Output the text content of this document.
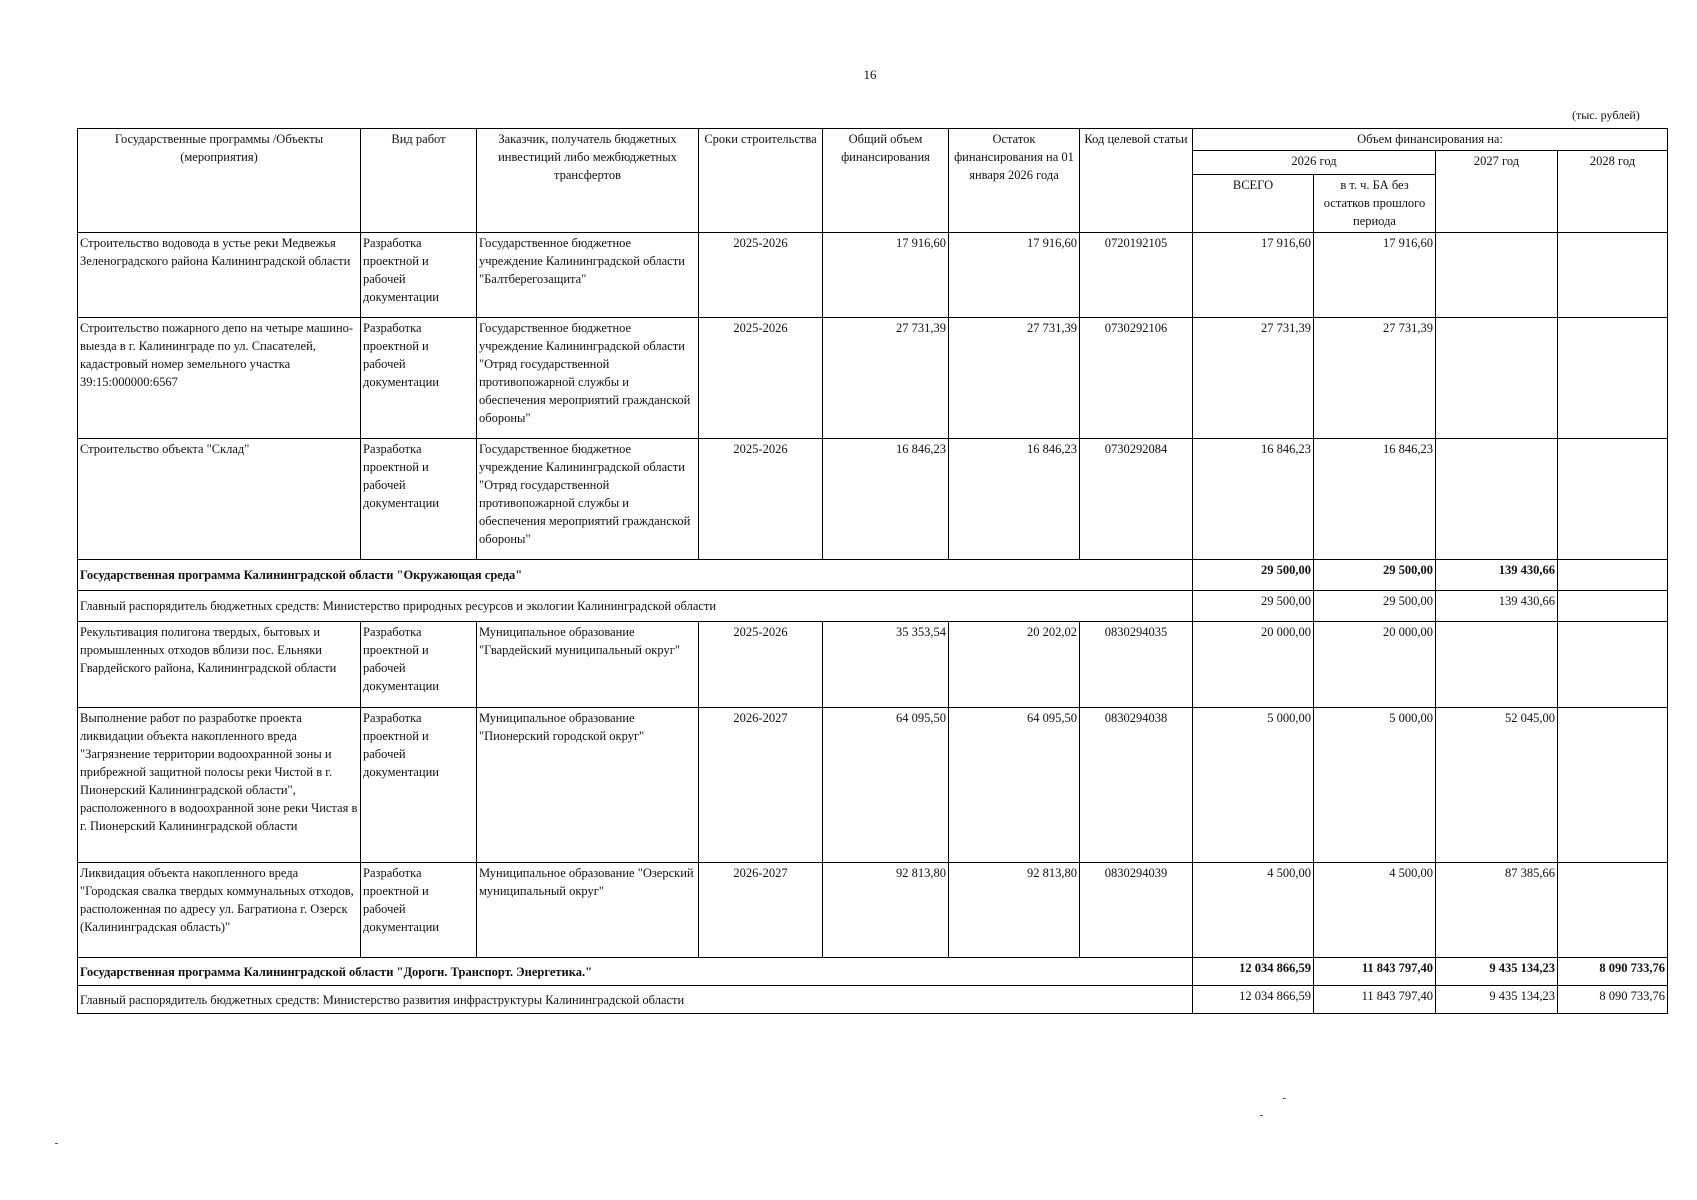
16
(тыс. рублей)
Государственные программы /Объекты (мероприятия)	Вид работ	Заказчик, получатель бюджетных инвестиций либо межбюджетных трансфертов	Сроки строительства	Общий объем финансирования	Остаток финансирования на 01 января 2026 года	Код целевой статьи	Объем финансирования на:			
							2026 год		2027 год	2028 год
							ВСЕГО	в т. ч. БА без остатков прошлого периода		
Строительство водовода в устье реки Медвежья Зеленоградского района Калининградской области	Разработка проектной и рабочей документации	Государственное бюджетное учреждение Калининградской области "Балтберегозащита"	2025-2026	17 916,60	17 916,60	0720192105	17 916,60	17 916,60		
Строительство пожарного депо на четыре машино-выезда в г. Калининграде по ул. Спасателей, кадастровый номер земельного участка 39:15:000000:6567	Разработка проектной и рабочей документации	Государственное бюджетное учреждение Калининградской области "Отряд государственной противопожарной службы и обеспечения мероприятий гражданской обороны"	2025-2026	27 731,39	27 731,39	0730292106	27 731,39	27 731,39		
Строительство объекта "Склад"	Разработка проектной и рабочей документации	Государственное бюджетное учреждение Калининградской области "Отряд государственной противопожарной службы и обеспечения мероприятий гражданской обороны"	2025-2026	16 846,23	16 846,23	0730292084	16 846,23	16 846,23		
Государственная программа Калининградской области "Окружающая среда"							29 500,00	29 500,00	139 430,66	
Главный распорядитель бюджетных средств: Министерство природных ресурсов и экологии Калининградской области							29 500,00	29 500,00	139 430,66	
Рекультивация полигона твердых, бытовых и промышленных отходов вблизи пос. Ельняки Гвардейского района, Калининградской области	Разработка проектной и рабочей документации	Муниципальное образование "Гвардейский муниципальный округ"	2025-2026	35 353,54	20 202,02	0830294035	20 000,00	20 000,00		
Выполнение работ по разработке проекта ликвидации объекта накопленного вреда "Загрязнение территории водоохранной зоны и прибрежной защитной полосы реки Чистой в г. Пионерский Калининградской области", расположенного в водоохранной зоне реки Чистая в г. Пионерский Калининградской области	Разработка проектной и рабочей документации	Муниципальное образование "Пионерский городской округ"	2026-2027	64 095,50	64 095,50	0830294038	5 000,00	5 000,00	52 045,00	
Ликвидация объекта накопленного вреда "Городская свалка твердых коммунальных отходов, расположенная по адресу ул. Багратиона г. Озерск (Калининградская область)"	Разработка проектной и рабочей документации	Муниципальное образование "Озерский муниципальный округ"	2026-2027	92 813,80	92 813,80	0830294039	4 500,00	4 500,00	87 385,66	
Государственная программа Калининградской области "Дороги. Транспорт. Энергетика."							12 034 866,59	11 843 797,40	9 435 134,23	8 090 733,76
Главный распорядитель бюджетных средств: Министерство развития инфраструктуры Калининградской области							12 034 866,59	11 843 797,40	9 435 134,23	8 090 733,76
